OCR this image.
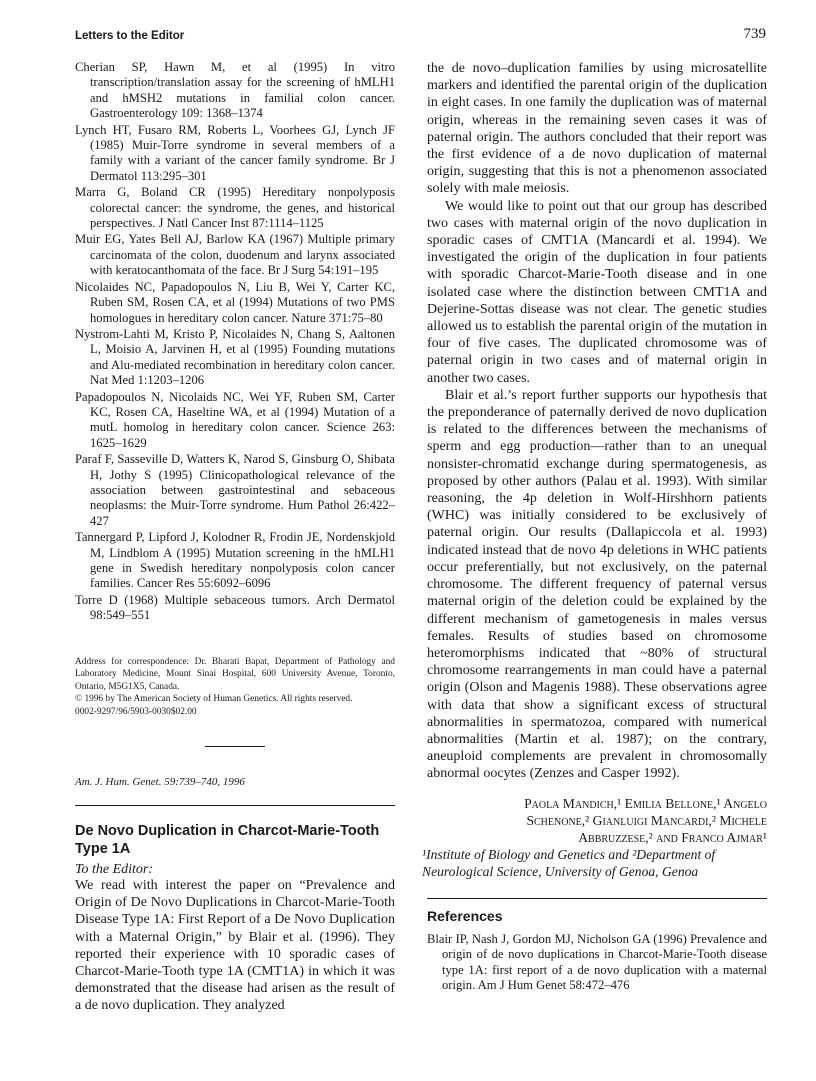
Letters to the Editor	739

Cherian SP, Hawn M, et al (1995) In vitro transcription/translation assay for the screening of hMLH1 and hMSH2 mutations in familial colon cancer. Gastroenterology 109: 1368–1374

Lynch HT, Fusaro RM, Roberts L, Voorhees GJ, Lynch JF (1985) Muir-Torre syndrome in several members of a family with a variant of the cancer family syndrome. Br J Dermatol 113:295–301

Marra G, Boland CR (1995) Hereditary nonpolyposis colorectal cancer: the syndrome, the genes, and historical perspectives. J Natl Cancer Inst 87:1114–1125

Muir EG, Yates Bell AJ, Barlow KA (1967) Multiple primary carcinomata of the colon, duodenum and larynx associated with keratocanthomata of the face. Br J Surg 54:191–195

Nicolaides NC, Papadopoulos N, Liu B, Wei Y, Carter KC, Ruben SM, Rosen CA, et al (1994) Mutations of two PMS homologues in hereditary colon cancer. Nature 371:75–80

Nystrom-Lahti M, Kristo P, Nicolaides N, Chang S, Aaltonen L, Moisio A, Jarvinen H, et al (1995) Founding mutations and Alu-mediated recombination in hereditary colon cancer. Nat Med 1:1203–1206

Papadopoulos N, Nicolaids NC, Wei YF, Ruben SM, Carter KC, Rosen CA, Haseltine WA, et al (1994) Mutation of a mutL homolog in hereditary colon cancer. Science 263: 1625–1629

Paraf F, Sasseville D, Watters K, Narod S, Ginsburg O, Shibata H, Jothy S (1995) Clinicopathological relevance of the association between gastrointestinal and sebaceous neoplasms: the Muir-Torre syndrome. Hum Pathol 26:422–427

Tannergard P, Lipford J, Kolodner R, Frodin JE, Nordenskjold M, Lindblom A (1995) Mutation screening in the hMLH1 gene in Swedish hereditary nonpolyposis colon cancer families. Cancer Res 55:6092–6096

Torre D (1968) Multiple sebaceous tumors. Arch Dermatol 98:549–551

Address for correspondence: Dr. Bharati Bapat, Department of Pathology and Laboratory Medicine, Mount Sinai Hospital, 600 University Avenue, Toronto, Ontario, M5G1X5, Canada.

© 1996 by The American Society of Human Genetics. All rights reserved.

0002-9297/96/5903-0030$02.00

Am. J. Hum. Genet. 59:739–740, 1996
De Novo Duplication in Charcot-Marie-Tooth Type 1A
To the Editor:

We read with interest the paper on “Prevalence and Origin of De Novo Duplications in Charcot-Marie-Tooth Disease Type 1A: First Report of a De Novo Duplication with a Maternal Origin,” by Blair et al. (1996). They reported their experience with 10 sporadic cases of Charcot-Marie-Tooth type 1A (CMT1A) in which it was demonstrated that the disease had arisen as the result of a de novo duplication. They analyzed

the de novo–duplication families by using microsatellite markers and identified the parental origin of the duplication in eight cases. In one family the duplication was of maternal origin, whereas in the remaining seven cases it was of paternal origin. The authors concluded that their report was the first evidence of a de novo duplication of maternal origin, suggesting that this is not a phenomenon associated solely with male meiosis.

We would like to point out that our group has described two cases with maternal origin of the novo duplication in sporadic cases of CMT1A (Mancardi et al. 1994). We investigated the origin of the duplication in four patients with sporadic Charcot-Marie-Tooth disease and in one isolated case where the distinction between CMT1A and Dejerine-Sottas disease was not clear. The genetic studies allowed us to establish the parental origin of the mutation in four of five cases. The duplicated chromosome was of paternal origin in two cases and of maternal origin in another two cases.

Blair et al.’s report further supports our hypothesis that the preponderance of paternally derived de novo duplication is related to the differences between the mechanisms of sperm and egg production—rather than to an unequal nonsister-chromatid exchange during spermatogenesis, as proposed by other authors (Palau et al. 1993). With similar reasoning, the 4p deletion in Wolf-Hirshhorn patients (WHC) was initially considered to be exclusively of paternal origin. Our results (Dallapiccola et al. 1993) indicated instead that de novo 4p deletions in WHC patients occur preferentially, but not exclusively, on the paternal chromosome. The different frequency of paternal versus maternal origin of the deletion could be explained by the different mechanism of gametogenesis in males versus females. Results of studies based on chromosome heteromorphisms indicated that ~80% of structural chromosome rearrangements in man could have a paternal origin (Olson and Magenis 1988). These observations agree with data that show a significant excess of structural abnormalities in spermatozoa, compared with numerical abnormalities (Martin et al. 1987); on the contrary, aneuploid complements are prevalent in chromosomally abnormal oocytes (Zenzes and Casper 1992).

Paola Mandich,¹ Emilia Bellone,¹ Angelo
Schenone,² Gianluigi Mancardi,² Michele
Abbruzzese,² and Franco Ajmar¹
¹Institute of Biology and Genetics and ²Department of Neurological Science, University of Genoa, Genoa
References

Blair IP, Nash J, Gordon MJ, Nicholson GA (1996) Prevalence and origin of de novo duplications in Charcot-Marie-Tooth disease type 1A: first report of a de novo duplication with a maternal origin. Am J Hum Genet 58:472–476
